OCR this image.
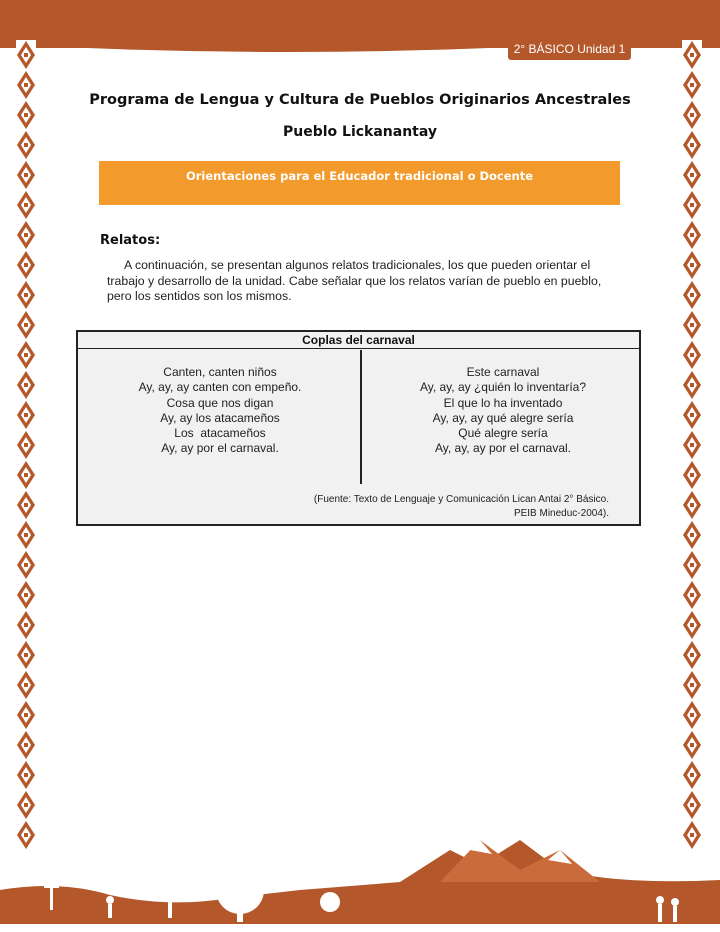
2° BÁSICO Unidad 1
Programa de Lengua y Cultura de Pueblos Originarios Ancestrales
Pueblo Lickanantay
Orientaciones para el Educador tradicional o Docente
Relatos:
A continuación, se presentan algunos relatos tradicionales, los que pueden orientar el trabajo y desarrollo de la unidad. Cabe señalar que los relatos varían de pueblo en pueblo, pero los sentidos son los mismos.
Coplas del carnaval
Canten, canten niños
Ay, ay, ay canten con empeño.
Cosa que nos digan
Ay, ay los atacameños
Los  atacameños
Ay, ay por el carnaval.
Este carnaval
Ay, ay, ay ¿quién lo inventaría?
El que lo ha inventado
Ay, ay, ay qué alegre sería
Qué alegre sería
Ay, ay, ay por el carnaval.
(Fuente: Texto de Lenguaje y Comunicación Lican Antai 2° Básico.
PEIB Mineduc-2004).
